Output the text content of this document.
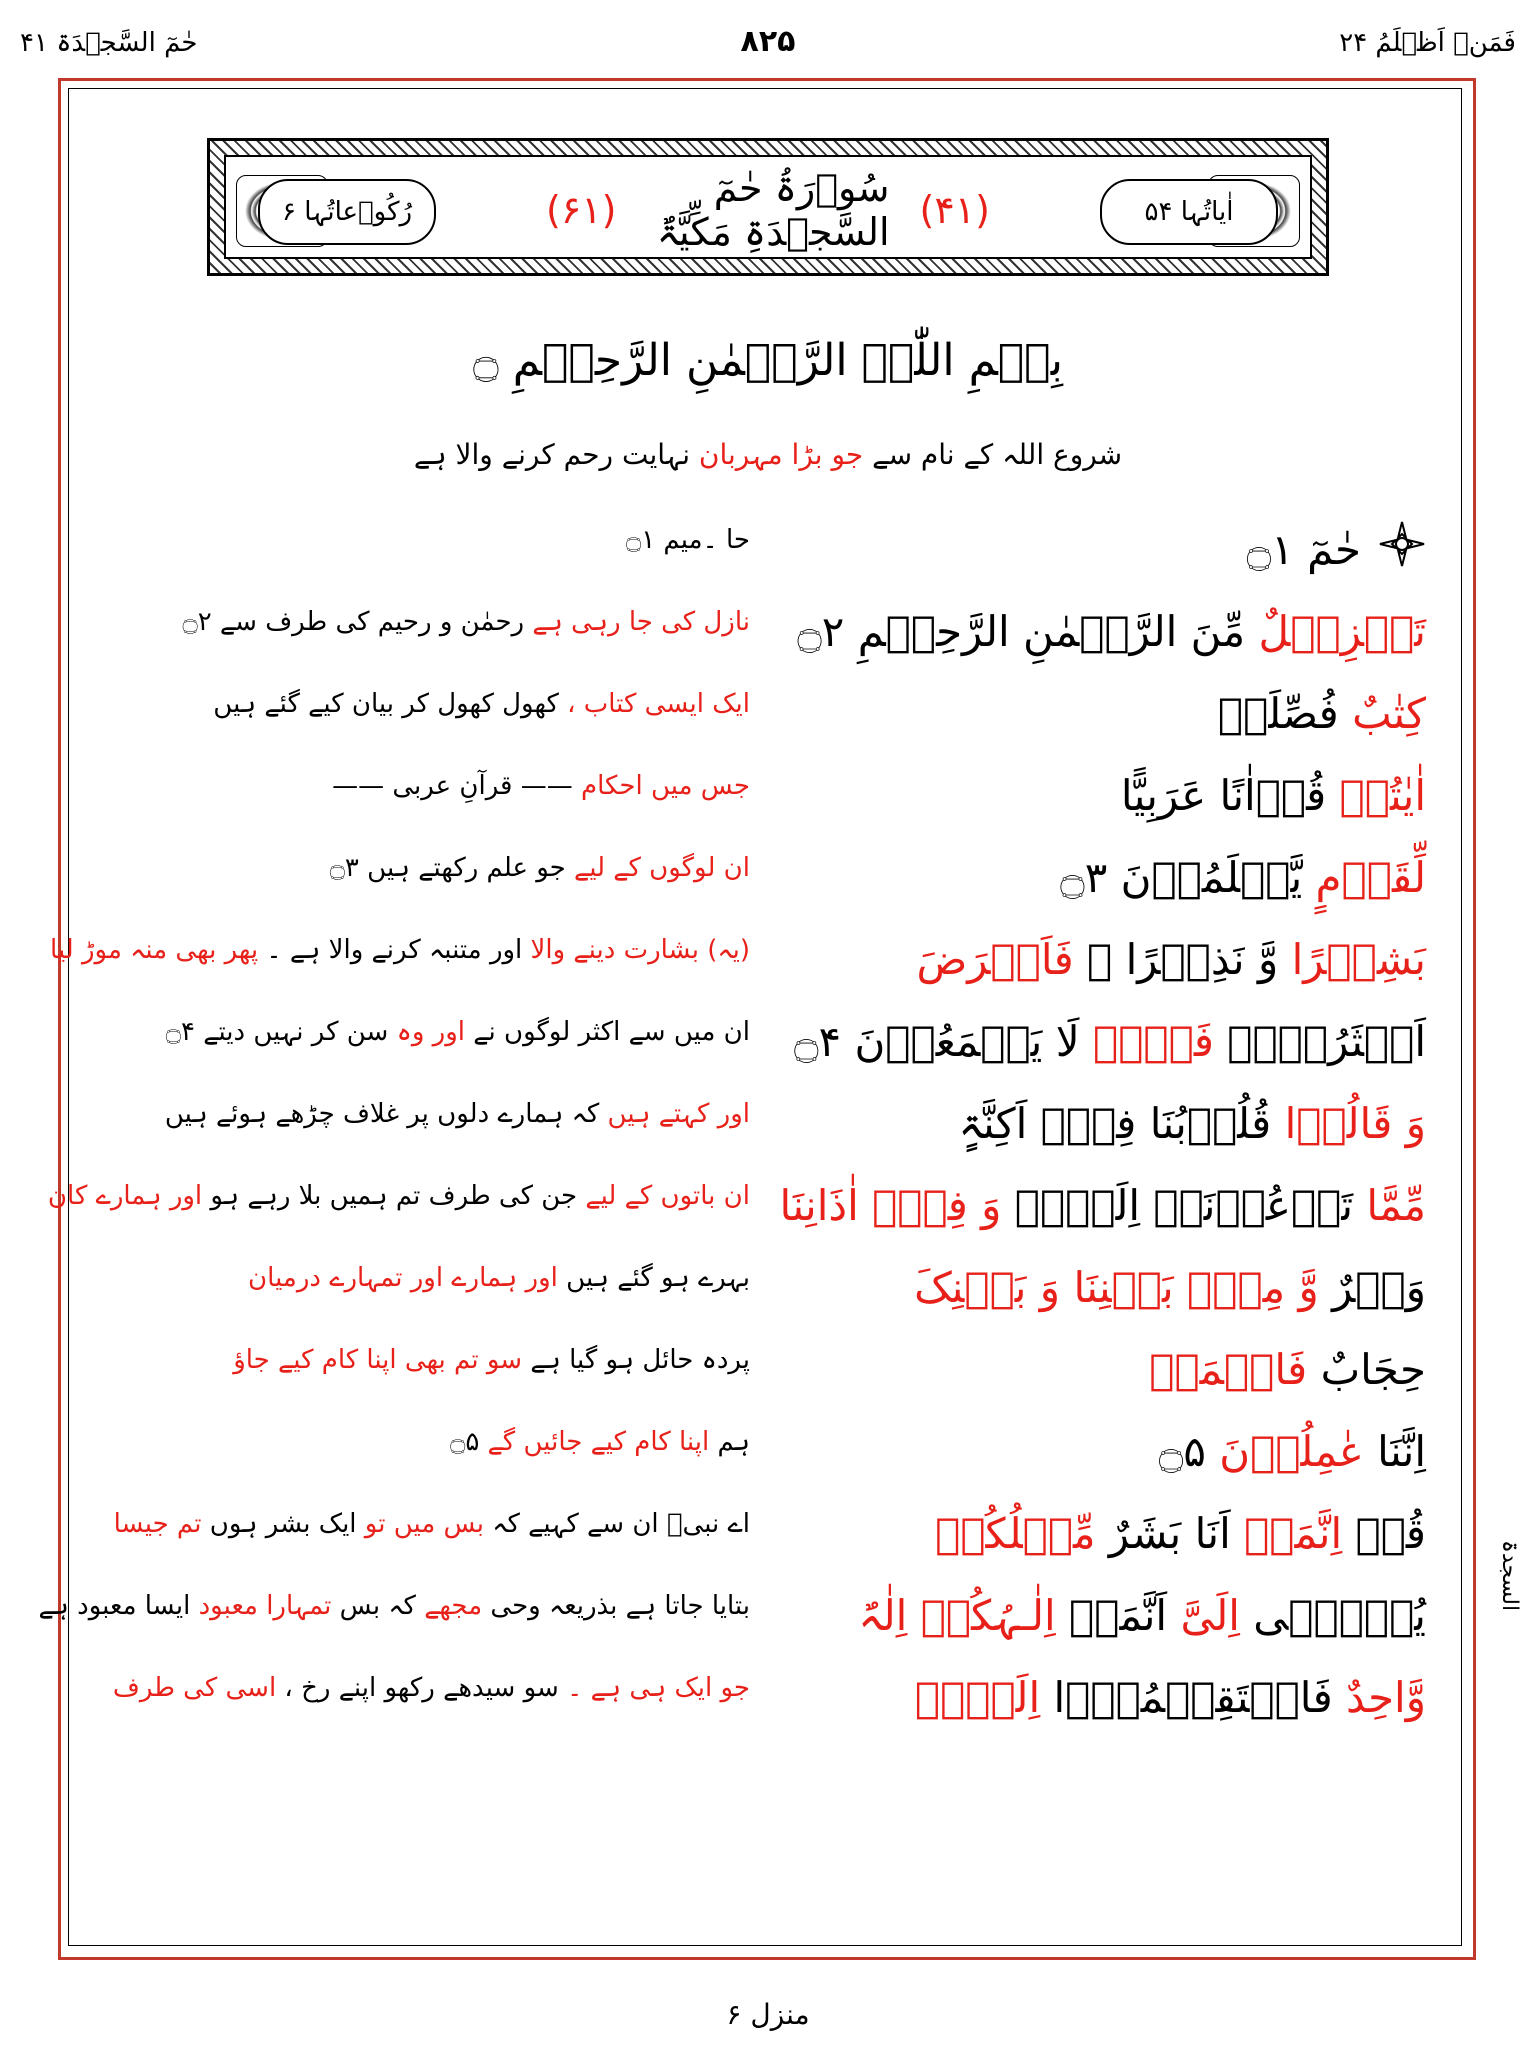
فَمَنۡ اَظۡلَمُ ۲۴
۸۲۵
حٰمٓ السَّجۡدَۃ ۴۱
اٰیاتُہا ۵۴
رُکُوۡعاتُہا ۶	(۴۱)
سُوۡرَۃُ حٰمٓ السَّجۡدَۃِ مَکِّیَّۃٌ
(۶۱)
بِسۡمِ اللّٰہِ الرَّحۡمٰنِ الرَّحِیۡمِ ۝
شروع اللہ کے نام سے جو بڑا مہربان نہایت رحم کرنے والا ہے
حٰمٓ ۝۱
حا ۔میم ۝۱
تَنۡزِیۡلٌ مِّنَ الرَّحۡمٰنِ الرَّحِیۡمِ ۝۲
نازل کی جا رہی ہے رحمٰن و رحیم کی طرف سے ۝۲
کِتٰبٌ فُصِّلَتۡ
ایک ایسی کتاب ، کھول کھول کر بیان کیے گئے ہیں
اٰیٰتُہٗ قُرۡاٰنًا عَرَبِیًّا
جس میں احکام —— قرآنِ عربی ——
لِّقَوۡمٍ یَّعۡلَمُوۡنَ ۝۳
ان لوگوں کے لیے جو علم رکھتے ہیں ۝۳
بَشِیۡرًا وَّ نَذِیۡرًا ۚ فَاَعۡرَضَ
(یہ) بشارت دینے والا اور متنبہ کرنے والا ہے ۔ پھر بھی منہ موڑ لیا
اَکۡثَرُہُمۡ فَہُمۡ لَا یَسۡمَعُوۡنَ ۝۴
ان میں سے اکثر لوگوں نے اور وہ سن کر نہیں دیتے ۝۴
وَ قَالُوۡا قُلُوۡبُنَا فِیۡۤ اَکِنَّۃٍ
اور کہتے ہیں کہ ہمارے دلوں پر غلاف چڑھے ہوئے ہیں
مِّمَّا تَدۡعُوۡنَاۤ اِلَیۡہِ وَ فِیۡۤ اٰذَانِنَا
ان باتوں کے لیے جن کی طرف تم ہمیں بلا رہے ہو اور ہمارے کان
وَقۡرٌ وَّ مِنۡۢ بَیۡنِنَا وَ بَیۡنِکَ
بہرے ہو گئے ہیں اور ہمارے اور تمہارے درمیان
حِجَابٌ فَاعۡمَلۡ
پردہ حائل ہو گیا ہے سو تم بھی اپنا کام کیے جاؤ
اِنَّنَا عٰمِلُوۡنَ ۝۵
ہم اپنا کام کیے جائیں گے ۝۵
قُلۡ اِنَّمَاۤ اَنَا بَشَرٌ مِّثۡلُکُمۡ
اے نبیؐ ان سے کہیے کہ بس میں تو ایک بشر ہوں تم جیسا
یُوۡحٰۤی اِلَیَّ اَنَّمَاۤ اِلٰـہُکُمۡ اِلٰہٌ
بتایا جاتا ہے بذریعہ وحی مجھے کہ بس تمہارا معبود ایسا معبود ہے
وَّاحِدٌ فَاسۡتَقِیۡمُوۡۤا اِلَیۡہِ
جو ایک ہی ہے ۔ سو سیدھے رکھو اپنے رخ ، اسی کی طرف
السجدۃ
منزل ۶
